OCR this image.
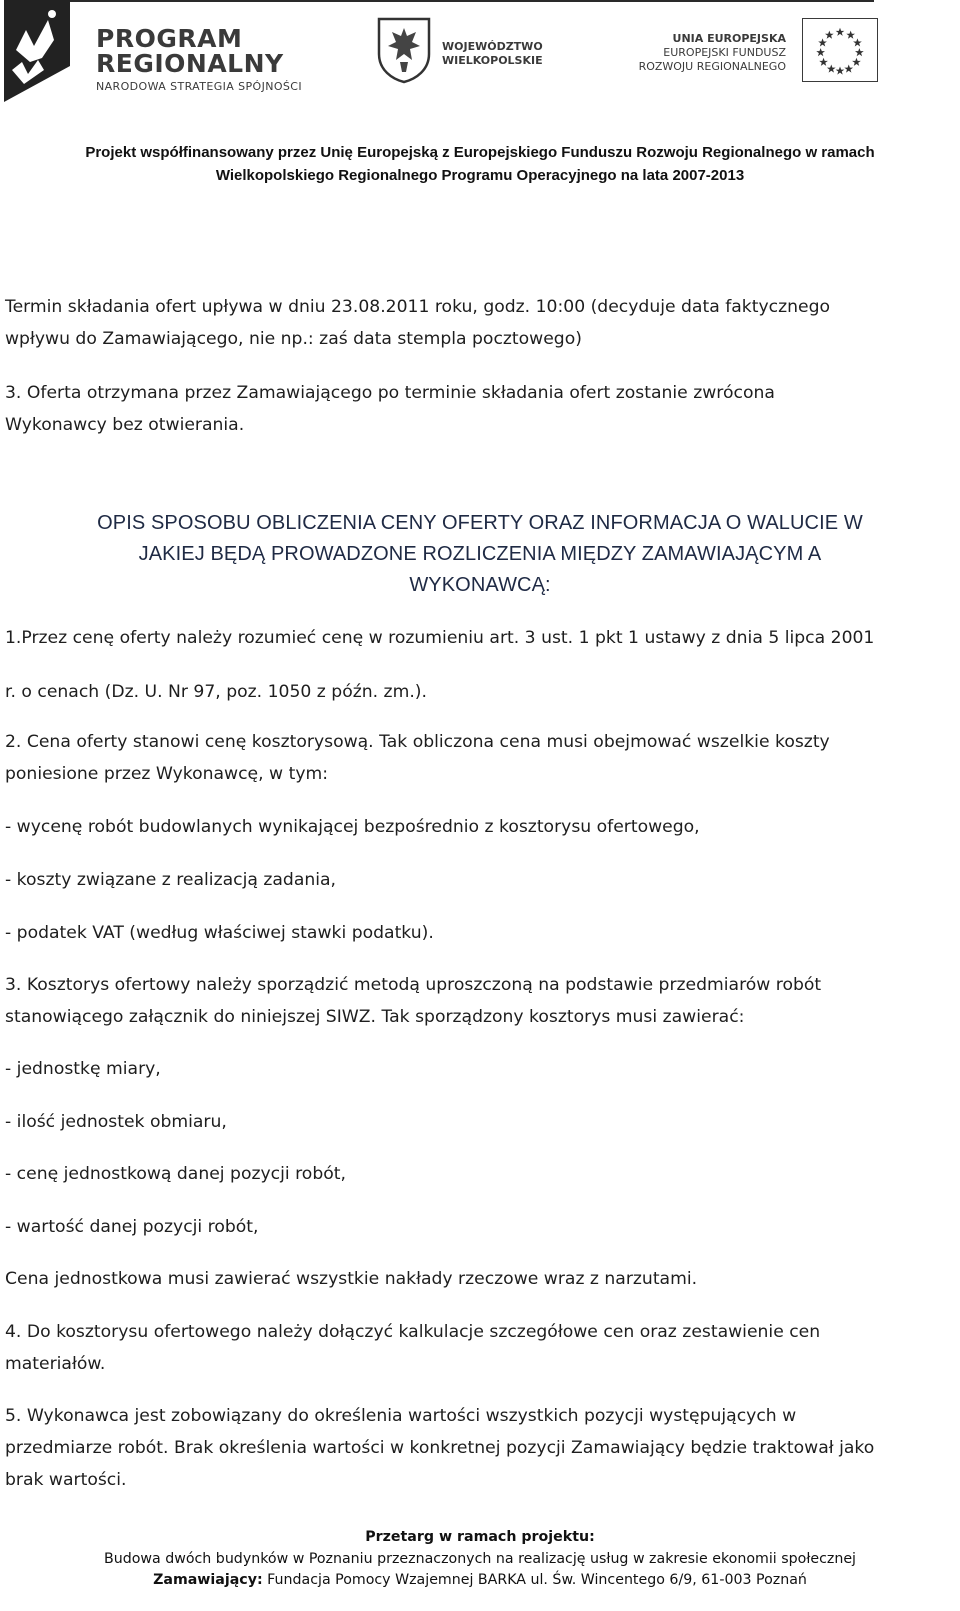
PROGRAM
REGIONALNY
NARODOWA STRATEGIA SPÓJNOŚCI
WOJEWÓDZTWO
WIELKOPOLSKIE
UNIA EUROPEJSKA
EUROPEJSKI FUNDUSZ
ROZWOJU REGIONALNEGO
Projekt współfinansowany przez Unię Europejską z Europejskiego Funduszu Rozwoju Regionalnego w ramach
Wielkopolskiego Regionalnego Programu Operacyjnego na lata 2007-2013
Termin składania ofert upływa w dniu 23.08.2011 roku, godz. 10:00 (decyduje data faktycznego
wpływu do Zamawiającego, nie np.: zaś data stempla pocztowego)
3. Oferta otrzymana przez Zamawiającego po terminie składania ofert zostanie zwrócona
Wykonawcy bez otwierania.
OPIS SPOSOBU OBLICZENIA CENY OFERTY ORAZ INFORMACJA O WALUCIE W
JAKIEJ BĘDĄ PROWADZONE ROZLICZENIA MIĘDZY ZAMAWIAJĄCYM A
WYKONAWCĄ:
1.Przez cenę oferty należy rozumieć cenę w rozumieniu art. 3 ust. 1 pkt 1 ustawy z dnia 5 lipca 2001
r. o cenach (Dz. U. Nr 97, poz. 1050 z późn. zm.).
2. Cena oferty stanowi cenę kosztorysową. Tak obliczona cena musi obejmować wszelkie koszty
poniesione przez Wykonawcę, w tym:
- wycenę robót budowlanych wynikającej bezpośrednio z kosztorysu ofertowego,
- koszty związane z realizacją zadania,
- podatek VAT (według właściwej stawki podatku).
3. Kosztorys ofertowy należy sporządzić metodą uproszczoną na podstawie przedmiarów robót
stanowiącego załącznik do niniejszej SIWZ. Tak sporządzony kosztorys musi zawierać:
- jednostkę miary,
- ilość jednostek obmiaru,
- cenę jednostkową danej pozycji robót,
- wartość danej pozycji robót,
Cena jednostkowa musi zawierać wszystkie nakłady rzeczowe wraz z narzutami.
4. Do kosztorysu ofertowego należy dołączyć kalkulacje szczegółowe cen oraz zestawienie cen
materiałów.
5. Wykonawca jest zobowiązany do określenia wartości wszystkich pozycji występujących w
przedmiarze robót. Brak określenia wartości w konkretnej pozycji Zamawiający będzie traktował jako
brak wartości.
Przetarg w ramach projektu:
Budowa dwóch budynków w Poznaniu przeznaczonych na realizację usług w zakresie ekonomii społecznej
Zamawiający: Fundacja Pomocy Wzajemnej BARKA ul. Św. Wincentego 6/9, 61-003 Poznań
